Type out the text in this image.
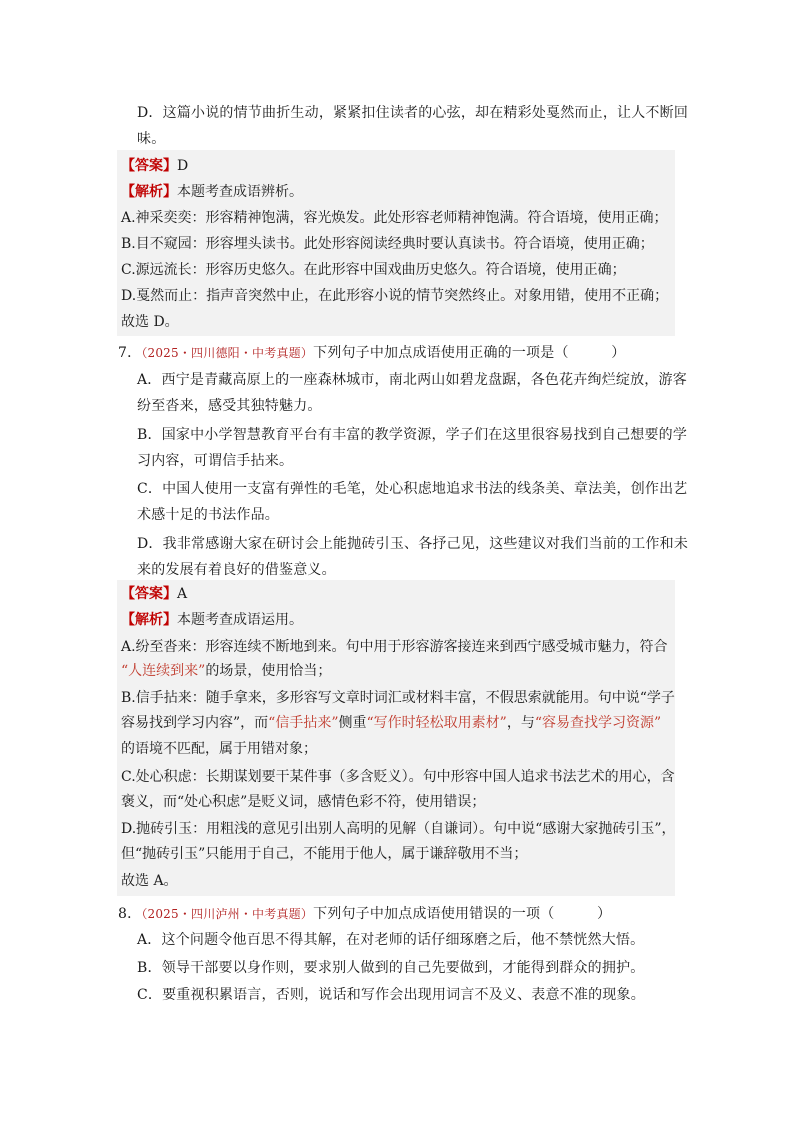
D．这篇小说的情节曲折生动，紧紧扣住读者的心弦，却在精彩处戛然而止，让人不断回
味。
【答案】D
【解析】本题考查成语辨析。
A.神采奕奕：形容精神饱满，容光焕发。此处形容老师精神饱满。符合语境，使用正确；
B.目不窥园：形容埋头读书。此处形容阅读经典时要认真读书。符合语境，使用正确；
C.源远流长：形容历史悠久。在此形容中国戏曲历史悠久。符合语境，使用正确；
D.戛然而止：指声音突然中止，在此形容小说的情节突然终止。对象用错，使用不正确；
故选 D。
7．（2025・四川德阳・中考真题）下列句子中加点成语使用正确的一项是（　　　）
A．西宁是青藏高原上的一座森林城市，南北两山如碧龙盘踞，各色花卉绚烂绽放，游客
纷至沓来，感受其独特魅力。
B．国家中小学智慧教育平台有丰富的教学资源，学子们在这里很容易找到自己想要的学
习内容，可谓信手拈来。
C．中国人使用一支富有弹性的毛笔，处心积虑地追求书法的线条美、章法美，创作出艺
术感十足的书法作品。
D．我非常感谢大家在研讨会上能抛砖引玉、各抒己见，这些建议对我们当前的工作和未
来的发展有着良好的借鉴意义。
【答案】A
【解析】本题考查成语运用。
A.纷至沓来：形容连续不断地到来。句中用于形容游客接连来到西宁感受城市魅力，符合
“人连续到来”的场景，使用恰当；
B.信手拈来：随手拿来，多形容写文章时词汇或材料丰富，不假思索就能用。句中说“学子
容易找到学习内容”，而“信手拈来”侧重“写作时轻松取用素材”，与“容易查找学习资源”
的语境不匹配，属于用错对象；
C.处心积虑：长期谋划要干某件事（多含贬义）。句中形容中国人追求书法艺术的用心，含
褒义，而“处心积虑”是贬义词，感情色彩不符，使用错误；
D.抛砖引玉：用粗浅的意见引出别人高明的见解（自谦词）。句中说“感谢大家抛砖引玉”，
但“抛砖引玉”只能用于自己，不能用于他人，属于谦辞敬用不当；
故选 A。
8．（2025・四川泸州・中考真题）下列句子中加点成语使用错误的一项（　　　）
A．这个问题令他百思不得其解，在对老师的话仔细琢磨之后，他不禁恍然大悟。
B．领导干部要以身作则，要求别人做到的自己先要做到，才能得到群众的拥护。
C．要重视积累语言，否则，说话和写作会出现用词言不及义、表意不准的现象。
